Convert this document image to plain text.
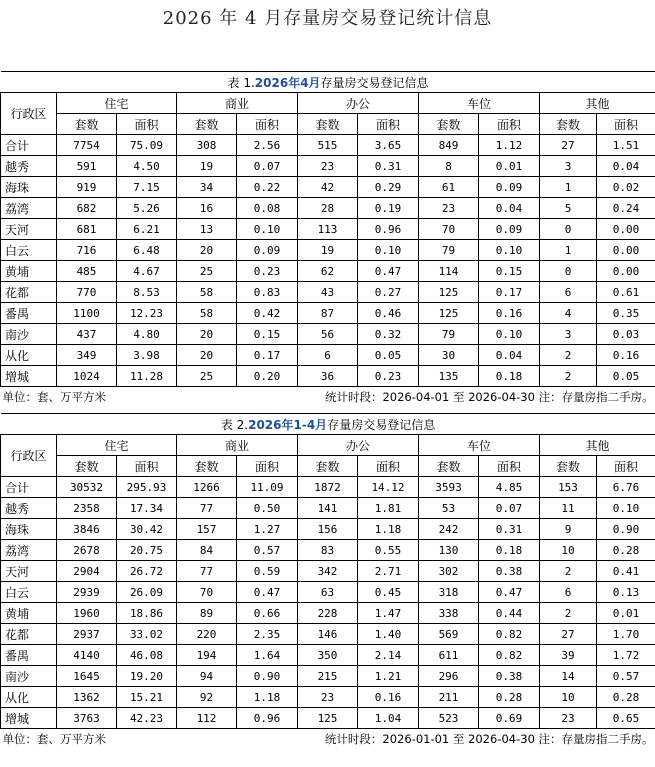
2026 年 4 月存量房交易登记统计信息
表 1.2026年4月存量房交易登记信息										
行政区	住宅		商业		办公		车位		其他	
	套数	面积	套数	面积	套数	面积	套数	面积	套数	面积
合计	7754	75.09	308	2.56	515	3.65	849	1.12	27	1.51
越秀	591	4.50	19	0.07	23	0.31	8	0.01	3	0.04
海珠	919	7.15	34	0.22	42	0.29	61	0.09	1	0.02
荔湾	682	5.26	16	0.08	28	0.19	23	0.04	5	0.24
天河	681	6.21	13	0.10	113	0.96	70	0.09	0	0.00
白云	716	6.48	20	0.09	19	0.10	79	0.10	1	0.00
黄埔	485	4.67	25	0.23	62	0.47	114	0.15	0	0.00
花都	770	8.53	58	0.83	43	0.27	125	0.17	6	0.61
番禺	1100	12.23	58	0.42	87	0.46	125	0.16	4	0.35
南沙	437	4.80	20	0.15	56	0.32	79	0.10	3	0.03
从化	349	3.98	20	0.17	6	0.05	30	0.04	2	0.16
增城	1024	11.28	25	0.20	36	0.23	135	0.18	2	0.05
单位：套、万平方米				统计时段：2026-04-01 至 2026-04-30 注：存量房指二手房。						
表 2.2026年1-4月存量房交易登记信息										
行政区	住宅		商业		办公		车位		其他	
	套数	面积	套数	面积	套数	面积	套数	面积	套数	面积
合计	30532	295.93	1266	11.09	1872	14.12	3593	4.85	153	6.76
越秀	2358	17.34	77	0.50	141	1.81	53	0.07	11	0.10
海珠	3846	30.42	157	1.27	156	1.18	242	0.31	9	0.90
荔湾	2678	20.75	84	0.57	83	0.55	130	0.18	10	0.28
天河	2904	26.72	77	0.59	342	2.71	302	0.38	2	0.41
白云	2939	26.09	70	0.47	63	0.45	318	0.47	6	0.13
黄埔	1960	18.86	89	0.66	228	1.47	338	0.44	2	0.01
花都	2937	33.02	220	2.35	146	1.40	569	0.82	27	1.70
番禺	4140	46.08	194	1.64	350	2.14	611	0.82	39	1.72
南沙	1645	19.20	94	0.90	215	1.21	296	0.38	14	0.57
从化	1362	15.21	92	1.18	23	0.16	211	0.28	10	0.28
增城	3763	42.23	112	0.96	125	1.04	523	0.69	23	0.65
单位：套、万平方米				统计时段：2026-01-01 至 2026-04-30 注：存量房指二手房。						
